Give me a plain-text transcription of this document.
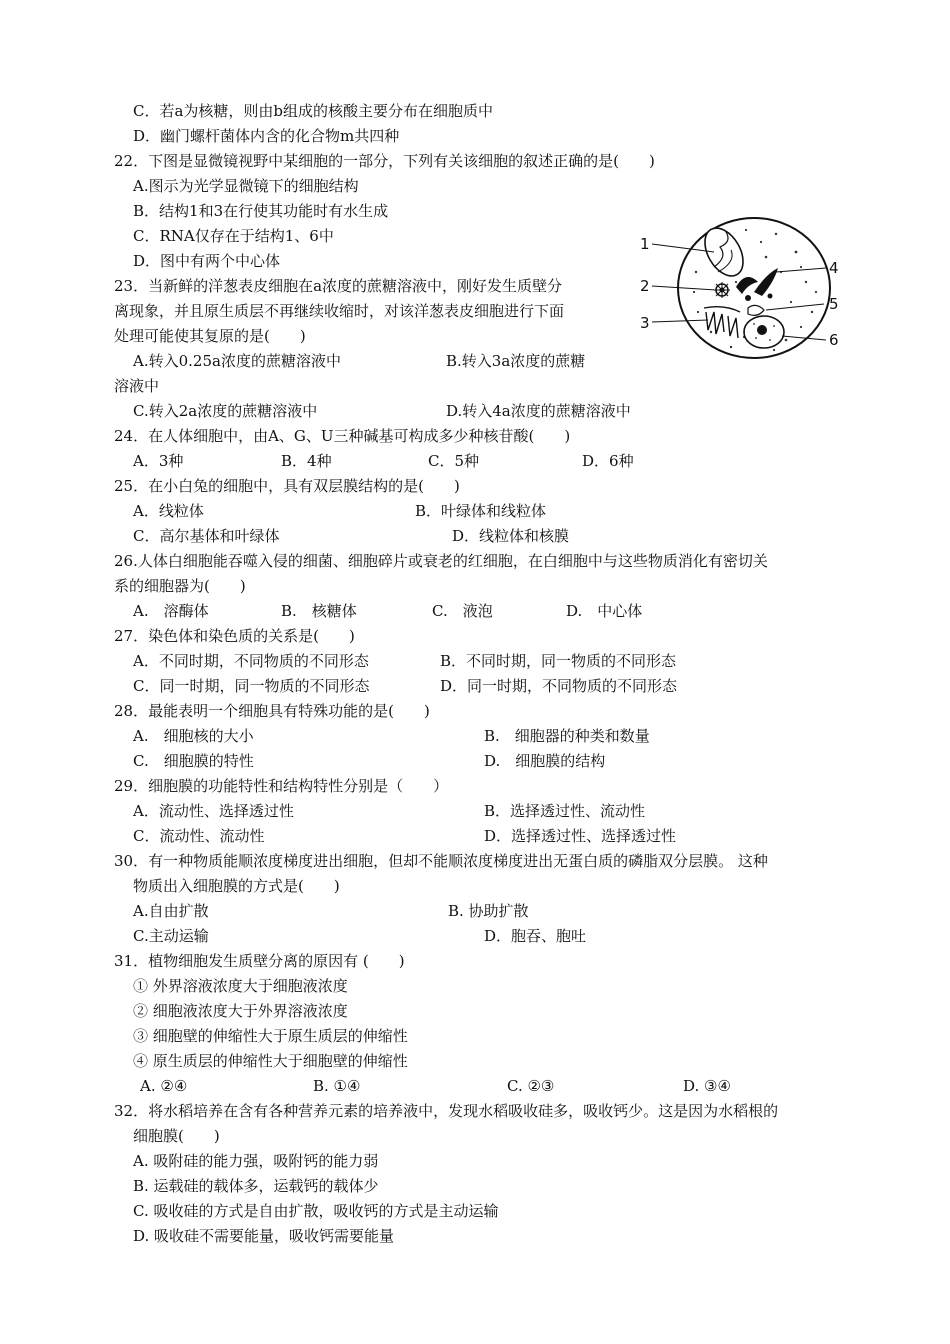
C．若a为核糖，则由b组成的核酸主要分布在细胞质中
D．幽门螺杆菌体内含的化合物m共四种
22．下图是显微镜视野中某细胞的一部分，下列有关该细胞的叙述正确的是(　　)
A.图示为光学显微镜下的细胞结构
B．结构1和3在行使其功能时有水生成
C．RNA仅存在于结构1、6中
D．图中有两个中心体
23．当新鲜的洋葱表皮细胞在a浓度的蔗糖溶液中，刚好发生质壁分
离现象，并且原生质层不再继续收缩时，对该洋葱表皮细胞进行下面
处理可能使其复原的是(　　)
A.转入0.25a浓度的蔗糖溶液中	B.转入3a浓度的蔗糖
溶液中
C.转入2a浓度的蔗糖溶液中	D.转入4a浓度的蔗糖溶液中
24．在人体细胞中，由A、G、U三种碱基可构成多少种核苷酸(　　)
A．3种	B．4种	C．5种	D．6种
25．在小白兔的细胞中，具有双层膜结构的是(　　)
A．线粒体	B．叶绿体和线粒体
C．高尔基体和叶绿体	D．线粒体和核膜
26.人体白细胞能吞噬入侵的细菌、细胞碎片或衰老的红细胞，在白细胞中与这些物质消化有密切关
系的细胞器为(　　)
A.　溶酶体	B.　核糖体	C.　液泡	D.　中心体
27．染色体和染色质的关系是(　　)
A．不同时期，不同物质的不同形态	B．不同时期，同一物质的不同形态
C．同一时期，同一物质的不同形态	D．同一时期，不同物质的不同形态
28．最能表明一个细胞具有特殊功能的是(　　)
A.　细胞核的大小	B.　细胞器的种类和数量
C.　细胞膜的特性	D.　细胞膜的结构
29．细胞膜的功能特性和结构特性分别是（　　）
A．流动性、选择透过性	B．选择透过性、流动性
C．流动性、流动性	D．选择透过性、选择透过性
30．有一种物质能顺浓度梯度进出细胞，但却不能顺浓度梯度进出无蛋白质的磷脂双分层膜。 这种
物质出入细胞膜的方式是(　　)
A.自由扩散	B. 协助扩散
C.主动运输	D．胞吞、胞吐
31．植物细胞发生质壁分离的原因有 (　　)
① 外界溶液浓度大于细胞液浓度
② 细胞液浓度大于外界溶液浓度
③ 细胞壁的伸缩性大于原生质层的伸缩性
④ 原生质层的伸缩性大于细胞壁的伸缩性
A. ②④	B. ①④	C. ②③	D. ③④
32．将水稻培养在含有各种营养元素的培养液中，发现水稻吸收硅多，吸收钙少。这是因为水稻根的
细胞膜(　　)
A. 吸附硅的能力强，吸附钙的能力弱
B. 运载硅的载体多，运载钙的载体少
C. 吸收硅的方式是自由扩散，吸收钙的方式是主动运输
D. 吸收硅不需要能量，吸收钙需要能量
1
2
3
4
5
6
